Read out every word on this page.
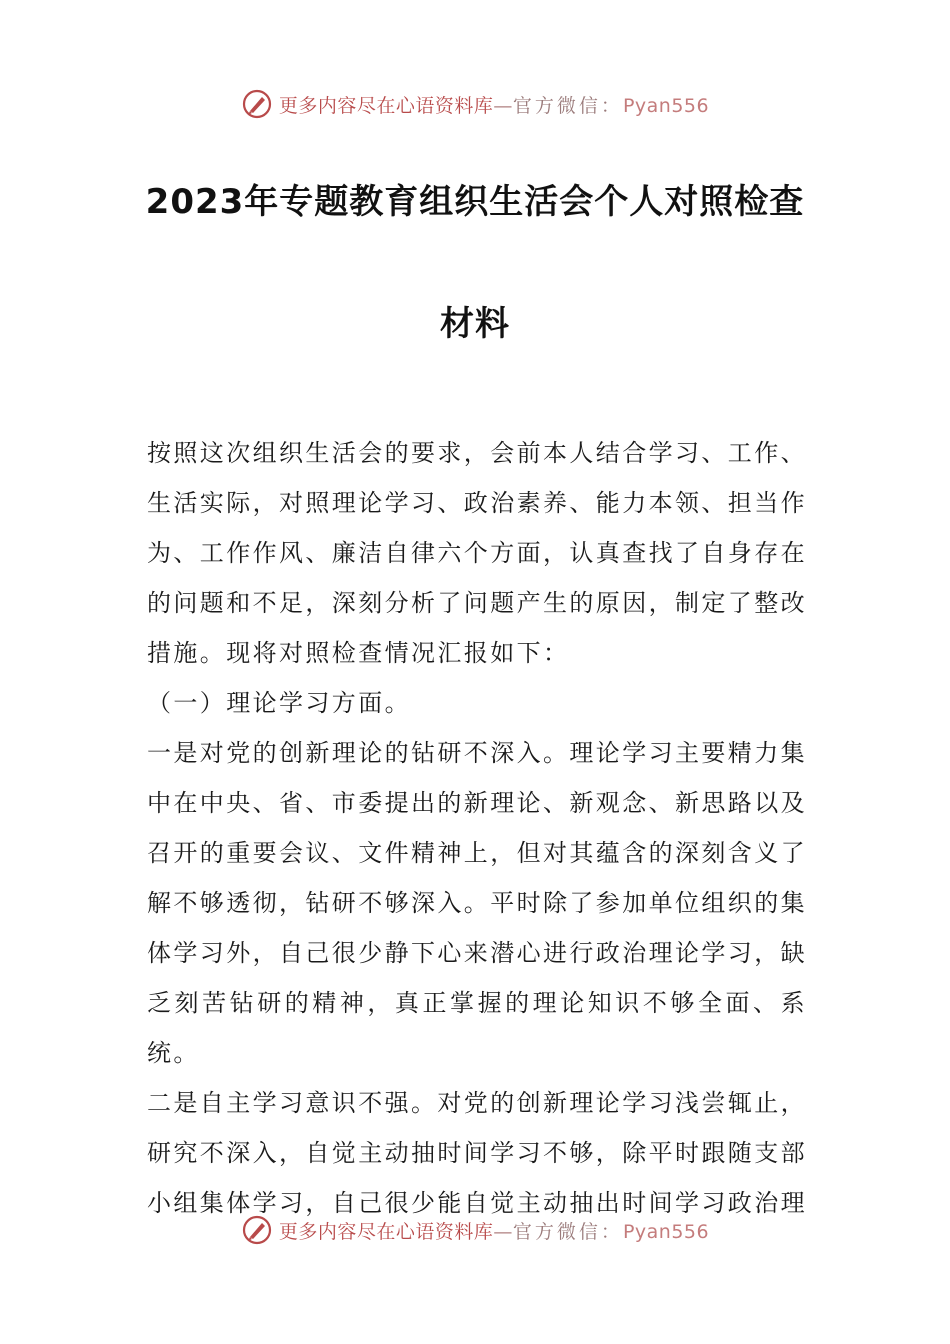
更多内容尽在心语资料库—官方微信：Pyan556
2023年专题教育组织生活会个人对照检查
材料

按照这次组织生活会的要求，会前本人结合学习、工作、生活实际，对照理论学习、政治素养、能力本领、担当作为、工作作风、廉洁自律六个方面，认真查找了自身存在的问题和不足，深刻分析了问题产生的原因，制定了整改措施。现将对照检查情况汇报如下：

（一）理论学习方面。

一是对党的创新理论的钻研不深入。理论学习主要精力集中在中央、省、市委提出的新理论、新观念、新思路以及召开的重要会议、文件精神上，但对其蕴含的深刻含义了解不够透彻，钻研不够深入。平时除了参加单位组织的集体学习外，自己很少静下心来潜心进行政治理论学习，缺乏刻苦钻研的精神，真正掌握的理论知识不够全面、系统。

二是自主学习意识不强。对党的创新理论学习浅尝辄止，研究不深入，自觉主动抽时间学习不够，除平时跟随支部小组集体学习，自己很少能自觉主动抽出时间学习政治理

更多内容尽在心语资料库—官方微信：Pyan556
